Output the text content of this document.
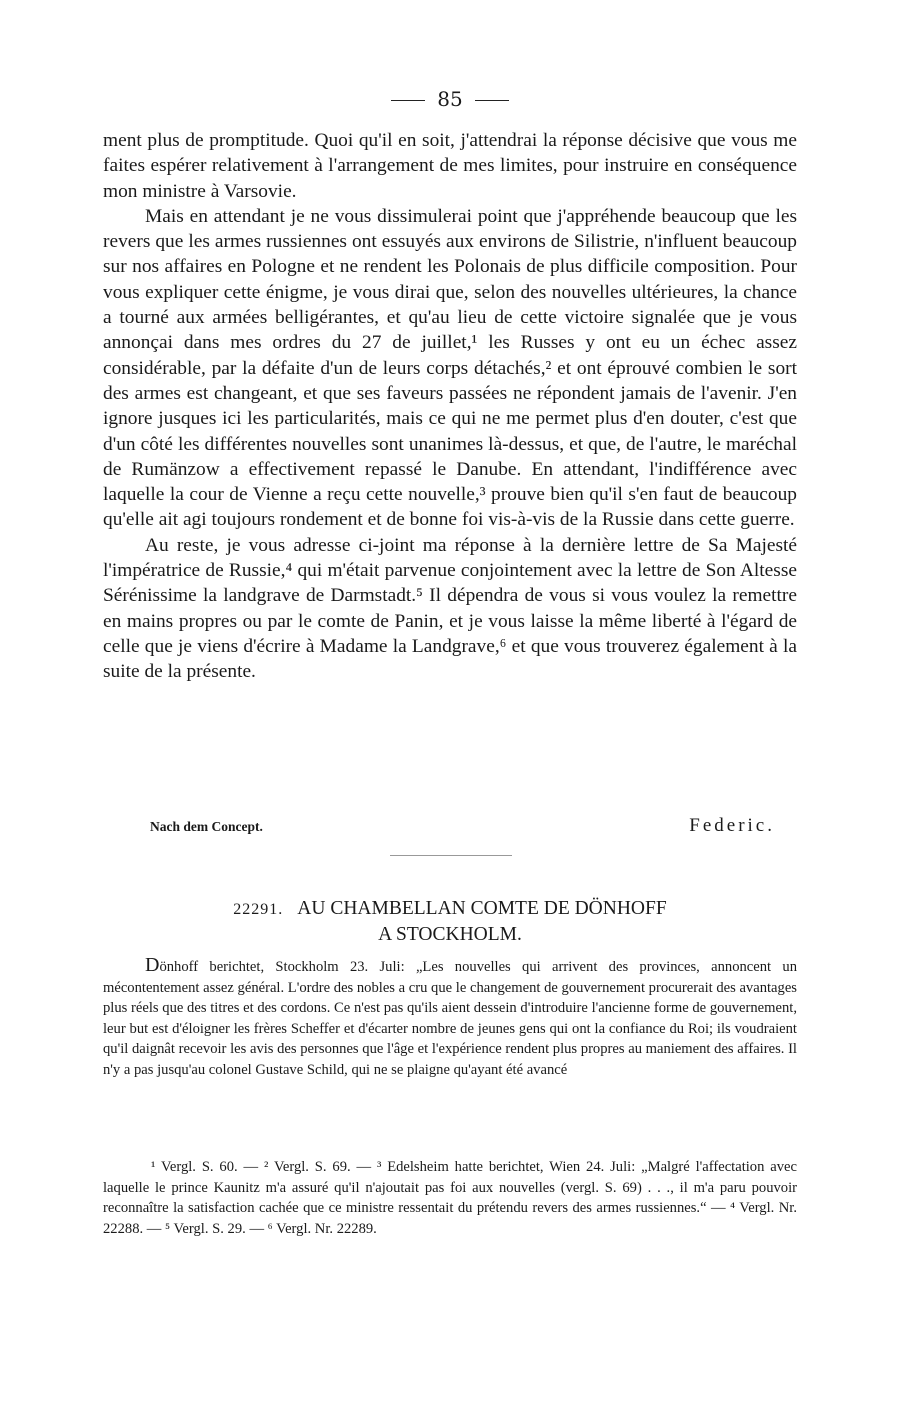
85

ment plus de promptitude. Quoi qu'il en soit, j'attendrai la réponse décisive que vous me faites espérer relativement à l'arrangement de mes limites, pour instruire en conséquence mon ministre à Varsovie.

Mais en attendant je ne vous dissimulerai point que j'appréhende beaucoup que les revers que les armes russiennes ont essuyés aux environs de Silistrie, n'influent beaucoup sur nos affaires en Pologne et ne rendent les Polonais de plus difficile composition. Pour vous expliquer cette énigme, je vous dirai que, selon des nouvelles ultérieures, la chance a tourné aux armées belligérantes, et qu'au lieu de cette victoire signalée que je vous annonçai dans mes ordres du 27 de juillet,¹ les Russes y ont eu un échec assez considérable, par la défaite d'un de leurs corps détachés,² et ont éprouvé combien le sort des armes est changeant, et que ses faveurs passées ne répondent jamais de l'avenir. J'en ignore jusques ici les particularités, mais ce qui ne me permet plus d'en douter, c'est que d'un côté les différentes nouvelles sont unanimes là-dessus, et que, de l'autre, le maréchal de Rumänzow a effectivement repassé le Danube. En attendant, l'indifférence avec laquelle la cour de Vienne a reçu cette nouvelle,³ prouve bien qu'il s'en faut de beaucoup qu'elle ait agi toujours rondement et de bonne foi vis-à-vis de la Russie dans cette guerre.

Au reste, je vous adresse ci-joint ma réponse à la dernière lettre de Sa Majesté l'impératrice de Russie,⁴ qui m'était parvenue conjointement avec la lettre de Son Altesse Sérénissime la landgrave de Darmstadt.⁵ Il dépendra de vous si vous voulez la remettre en mains propres ou par le comte de Panin, et je vous laisse la même liberté à l'égard de celle que je viens d'écrire à Madame la Landgrave,⁶ et que vous trouverez également à la suite de la présente.

Nach dem Concept.	Federic.
22291. AU CHAMBELLAN COMTE DE DÖNHOFF
A STOCKHOLM.

Dönhoff berichtet, Stockholm 23. Juli: „Les nouvelles qui arrivent des provinces, annoncent un mécontentement assez général. L'ordre des nobles a cru que le changement de gouvernement procurerait des avantages plus réels que des titres et des cordons. Ce n'est pas qu'ils aient dessein d'introduire l'ancienne forme de gouvernement, leur but est d'éloigner les frères Scheffer et d'écarter nombre de jeunes gens qui ont la confiance du Roi; ils voudraient qu'il daignât recevoir les avis des personnes que l'âge et l'expérience rendent plus propres au maniement des affaires. Il n'y a pas jusqu'au colonel Gustave Schild, qui ne se plaigne qu'ayant été avancé

¹ Vergl. S. 60. — ² Vergl. S. 69. — ³ Edelsheim hatte berichtet, Wien 24. Juli: „Malgré l'affectation avec laquelle le prince Kaunitz m'a assuré qu'il n'ajoutait pas foi aux nouvelles (vergl. S. 69) . . ., il m'a paru pouvoir reconnaître la satisfaction cachée que ce ministre ressentait du prétendu revers des armes russiennes.“ — ⁴ Vergl. Nr. 22288. — ⁵ Vergl. S. 29. — ⁶ Vergl. Nr. 22289.
